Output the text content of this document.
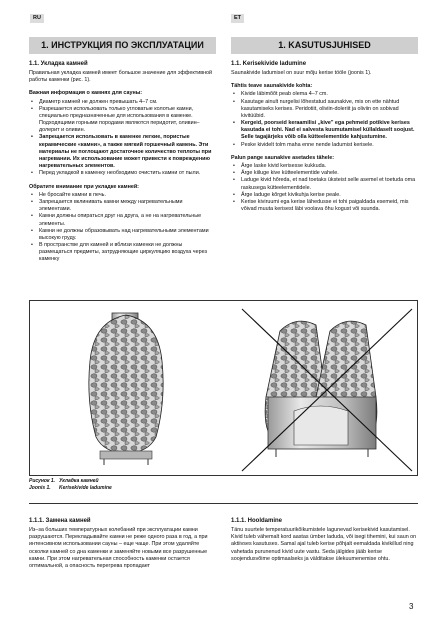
RU	ET
1. ИНСТРУКЦИЯ ПО ЭКСПЛУАТАЦИИ	1. KASUTUSJUHISED
1.1. Укладка камней

Правильная укладка камней имеет большое значение для эффективной работы каменки (рис. 1).

Важная информация о камнях для сауны:
• Диаметр камней не должен превышать 4–7 см.
• Разрешается использовать только угловатые колотые камни, специально предназначенные для использования в каменке. Подходящими горными породами являются перидотит, оливин–долерит и оливин.
• Запрещается использовать в каменке легкие, пористые керамические «камни», а также мягкий горшечный камень. Эти материалы не поглощают достаточное количество теплоты при нагревании. Их использование может привести к повреждению нагревательных элементов.
• Перед укладкой в каменку необходимо очистить камни от пыли.
Обратите внимание при укладке камней:
• Не бросайте камни в печь.
• Запрещается вклинивать камни между нагревательными элементами.
• Камни должны опираться друг на друга, а не на нагревательные элементы.
• Камни не должны образовывать над нагревательными элементами высокую груду.
• В пространстве для камней и вблизи каменки не должны размещаться предметы, затрудняющие циркуляцию воздуха через каменку
1.1. Kerisekivide ladumine

Saunakivide ladumisel on suur mõju kerise tööle (joonis 1).

Tähtis teave saunakivide kohta:
• Kivide läbimõõt peab olema 4–7 cm.
• Kasutage ainult nurgelisi lõhestatud saunakivе, mis on ette nähtud kasutamiseks kerises. Peridotiit, oliviin-doleriit ja oliviin on sobivad kivitüübid.
• Kergeid, poorseid keraamilisi „kive" ega pehmeid potikive kerises kasutada ei tohi. Nad ei salvesta kuumutamisel küllaldaselt soojust. Selle tagajärjeks võib olla kütteelementide kahjustumine.
• Peske kividelt tolm maha enne nende ladumist kerisele.
Palun pange saunakive asetades tähele:
• Ärge laske kivid kerisesse kukkuda.
• Ärge kiiluge kive kütteelementide vahele.
• Laduge kivid hõreda, et nad toetaks üksteist selle asemel et toetuda oma raskusega kütteelementidele.
• Ärge laduge kõrget kivikuhja kerise peale.
• Kerise kiviruumi ega kerise lähedusse ei tohi paigaldada esemeid, mis võivad muuta kerisest läbi voolava õhu kogust või suunda.
Рисунок 1. Укладка камней
Joonis 1.	Kerisekivide ladumine
1.1.1. Замена камней

Из–за больших температурных колебаний при эксплуатации камни разрушаются. Перекладывайте камни не реже одного раза в год, а при интенсивном использовании сауны – еще чаще. При этом удаляйте осколки камней со дна каменки и заменяйте новыми все разрушенные камни. При этом нагревательная способность каменки остается оптимальной, а опасность перегрева пропадает

1.1.1. Hooldamine

Tänu suurtele temperatuurikõikumistele lagunevad kerisekivid kasutamisel. Kivid tuleb vähemalt kord aastas ümber laduda, või isegi tihemini, kui saun on aktiivses kasutuses. Samal ajal tuleb kerise põhjalt eemaldada kivikillud ning vahetada purunenud kivid uute vastu. Seda jälgides jääb kerise soojendusvõime optimaalseks ja välditakse ülekuumenemise ohtu.

3
